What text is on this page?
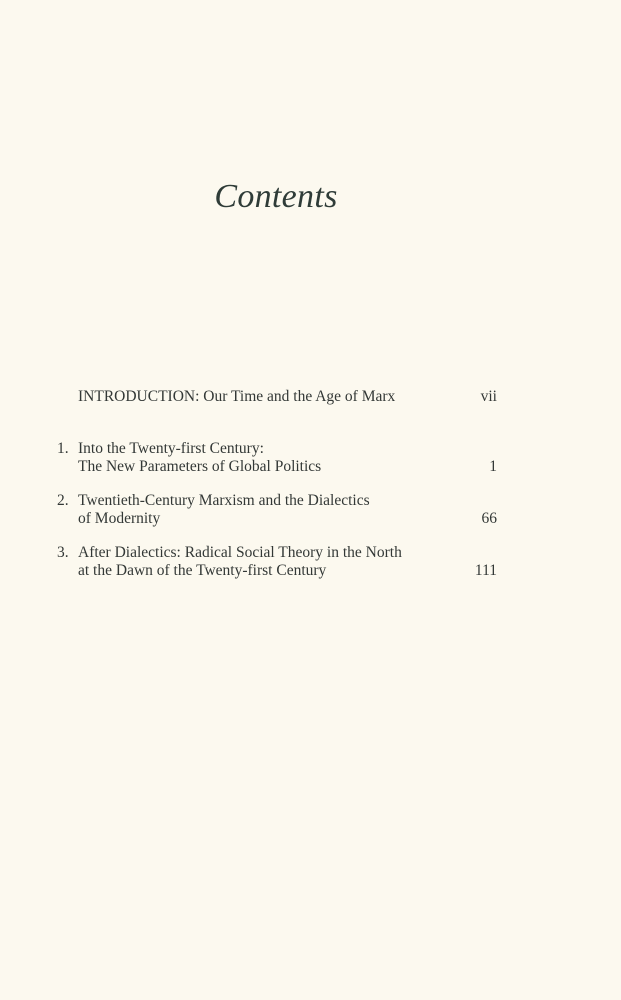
Contents
INTRODUCTION: Our Time and the Age of Marx	vii
1. Into the Twenty-first Century:
The New Parameters of Global Politics	1
2. Twentieth-Century Marxism and the Dialectics
of Modernity	66
3. After Dialectics: Radical Social Theory in the North
at the Dawn of the Twenty-first Century	111
